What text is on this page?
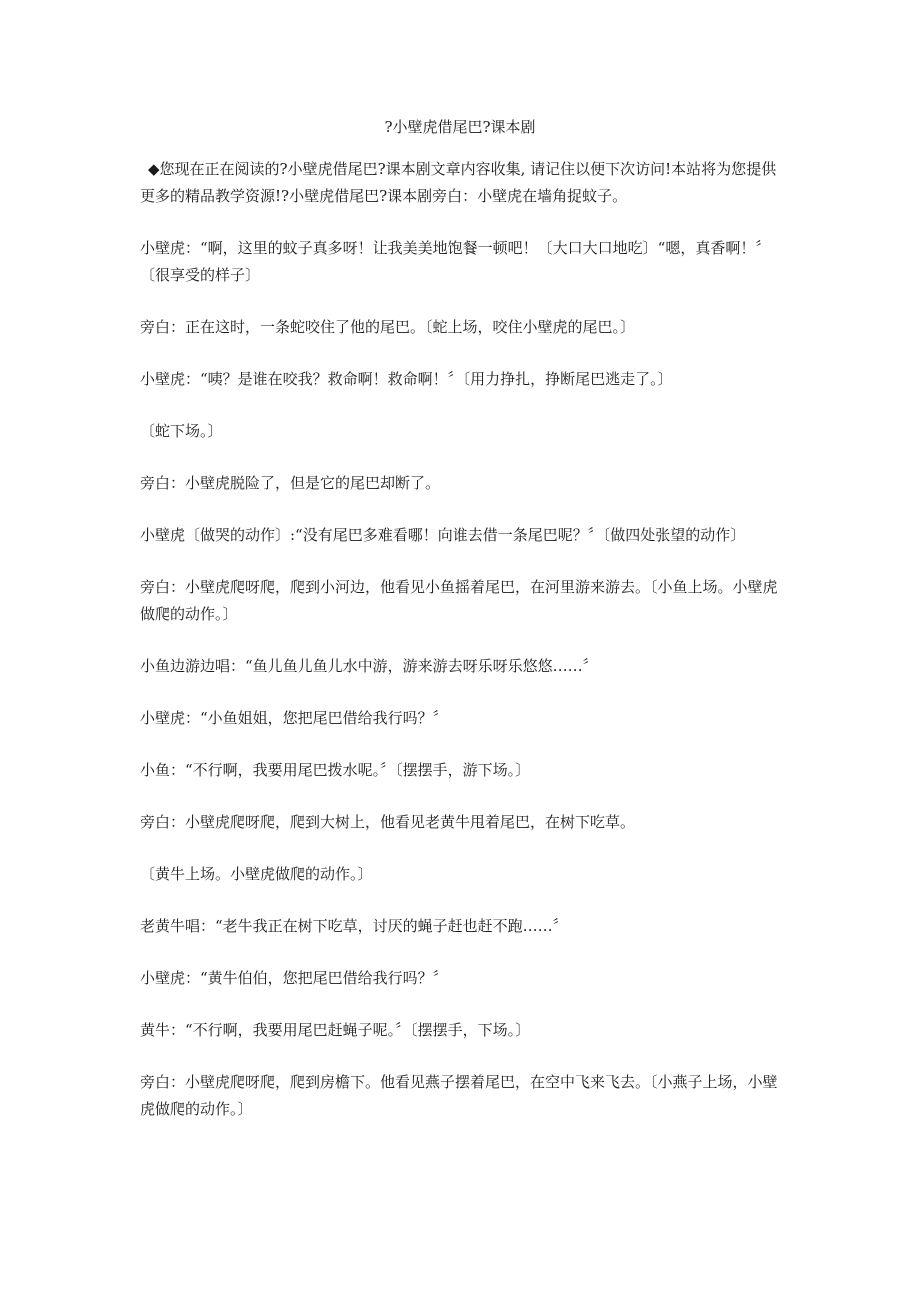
?小壁虎借尾巴?课本剧

◆您现在正在阅读的?小壁虎借尾巴?课本剧文章内容收集, 请记住以便下次访问!本站将为您提供更多的精品教学资源!?小壁虎借尾巴?课本剧旁白：小壁虎在墙角捉蚊子。

小壁虎：“啊，这里的蚊子真多呀！让我美美地饱餐一顿吧！〔大口大口地吃〕“嗯，真香啊！〞〔很享受的样子〕

旁白：正在这时，一条蛇咬住了他的尾巴。〔蛇上场，咬住小壁虎的尾巴。〕

小壁虎：“咦？是谁在咬我？救命啊！救命啊！〞〔用力挣扎，挣断尾巴逃走了。〕

〔蛇下场。〕

旁白：小壁虎脱险了，但是它的尾巴却断了。

小壁虎〔做哭的动作〕:“没有尾巴多难看哪！向谁去借一条尾巴呢？〞〔做四处张望的动作〕

旁白：小壁虎爬呀爬，爬到小河边，他看见小鱼摇着尾巴，在河里游来游去。〔小鱼上场。小壁虎做爬的动作。〕

小鱼边游边唱：“鱼儿鱼儿鱼儿水中游，游来游去呀乐呀乐悠悠……〞

小壁虎：“小鱼姐姐，您把尾巴借给我行吗？〞

小鱼：“不行啊，我要用尾巴拨水呢。〞〔摆摆手，游下场。〕

旁白：小壁虎爬呀爬，爬到大树上，他看见老黄牛甩着尾巴，在树下吃草。

〔黄牛上场。小壁虎做爬的动作。〕

老黄牛唱：“老牛我正在树下吃草，讨厌的蝇子赶也赶不跑……〞

小壁虎：“黄牛伯伯，您把尾巴借给我行吗？〞

黄牛：“不行啊，我要用尾巴赶蝇子呢。〞〔摆摆手，下场。〕

旁白：小壁虎爬呀爬，爬到房檐下。他看见燕子摆着尾巴，在空中飞来飞去。〔小燕子上场，小壁虎做爬的动作。〕
